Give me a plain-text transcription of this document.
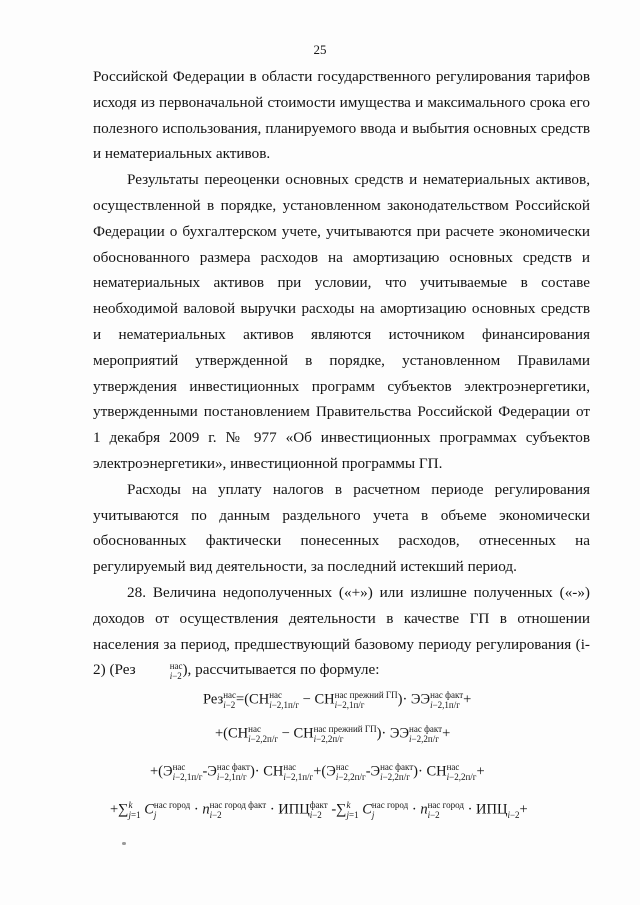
25

Российской Федерации в области государственного регулирования тарифов исходя из первоначальной стоимости имущества и максимального срока его полезного использования, планируемого ввода и выбытия основных средств и нематериальных активов.

Результаты переоценки основных средств и нематериальных активов, осуществленной в порядке, установленном законодательством Российской Федерации о бухгалтерском учете, учитываются при расчете экономически обоснованного размера расходов на амортизацию основных средств и нематериальных активов при условии, что учитываемые в составе необходимой валовой выручки расходы на амортизацию основных средств и нематериальных активов являются источником финансирования мероприятий утвержденной в порядке, установленном Правилами утверждения инвестиционных программ субъектов электроэнергетики, утвержденными постановлением Правительства Российской Федерации от 1 декабря 2009 г. № 977 «Об инвестиционных программах субъектов электроэнергетики», инвестиционной программы ГП.

Расходы на уплату налогов в расчетном периоде регулирования учитываются по данным раздельного учета в объеме экономически обоснованных фактически понесенных расходов, отнесенных на регулируемый вид деятельности, за последний истекший период.

28. Величина недополученных («+») или излишне полученных («-») доходов от осуществления деятельности в качестве ГП в отношении населения за период, предшествующий базовому периоду регулирования (i-2) (Рез	нас
i−2 ), рассчитывается по формуле:

Рез нас
i−2 =(СН нас
i−2,1п/г − СН нас прежний ГП
i−2,1п/г	)· ЭЭ нас факт
i−2,1п/г +
+(СН нас
i−2,2п/г − СН нас прежний ГП
i−2,2п/г	)· ЭЭ нас факт
i−2,2п/г +
+(Э нас
i−2,1п/г -Э нас факт
i−2,1п/г )· СН нас
i−2,1п/г +(Э нас
i−2,2п/г -Э нас факт
i−2,2п/г )· СН нас
i−2,2п/г +
+∑ k
j=1 C нас город
j	· n нас город факт
i−2	· ИПЦ факт
i−2 -∑ k
j=1 C нас город
j	· n нас город
i−2	· ИПЦ
i−2 +
